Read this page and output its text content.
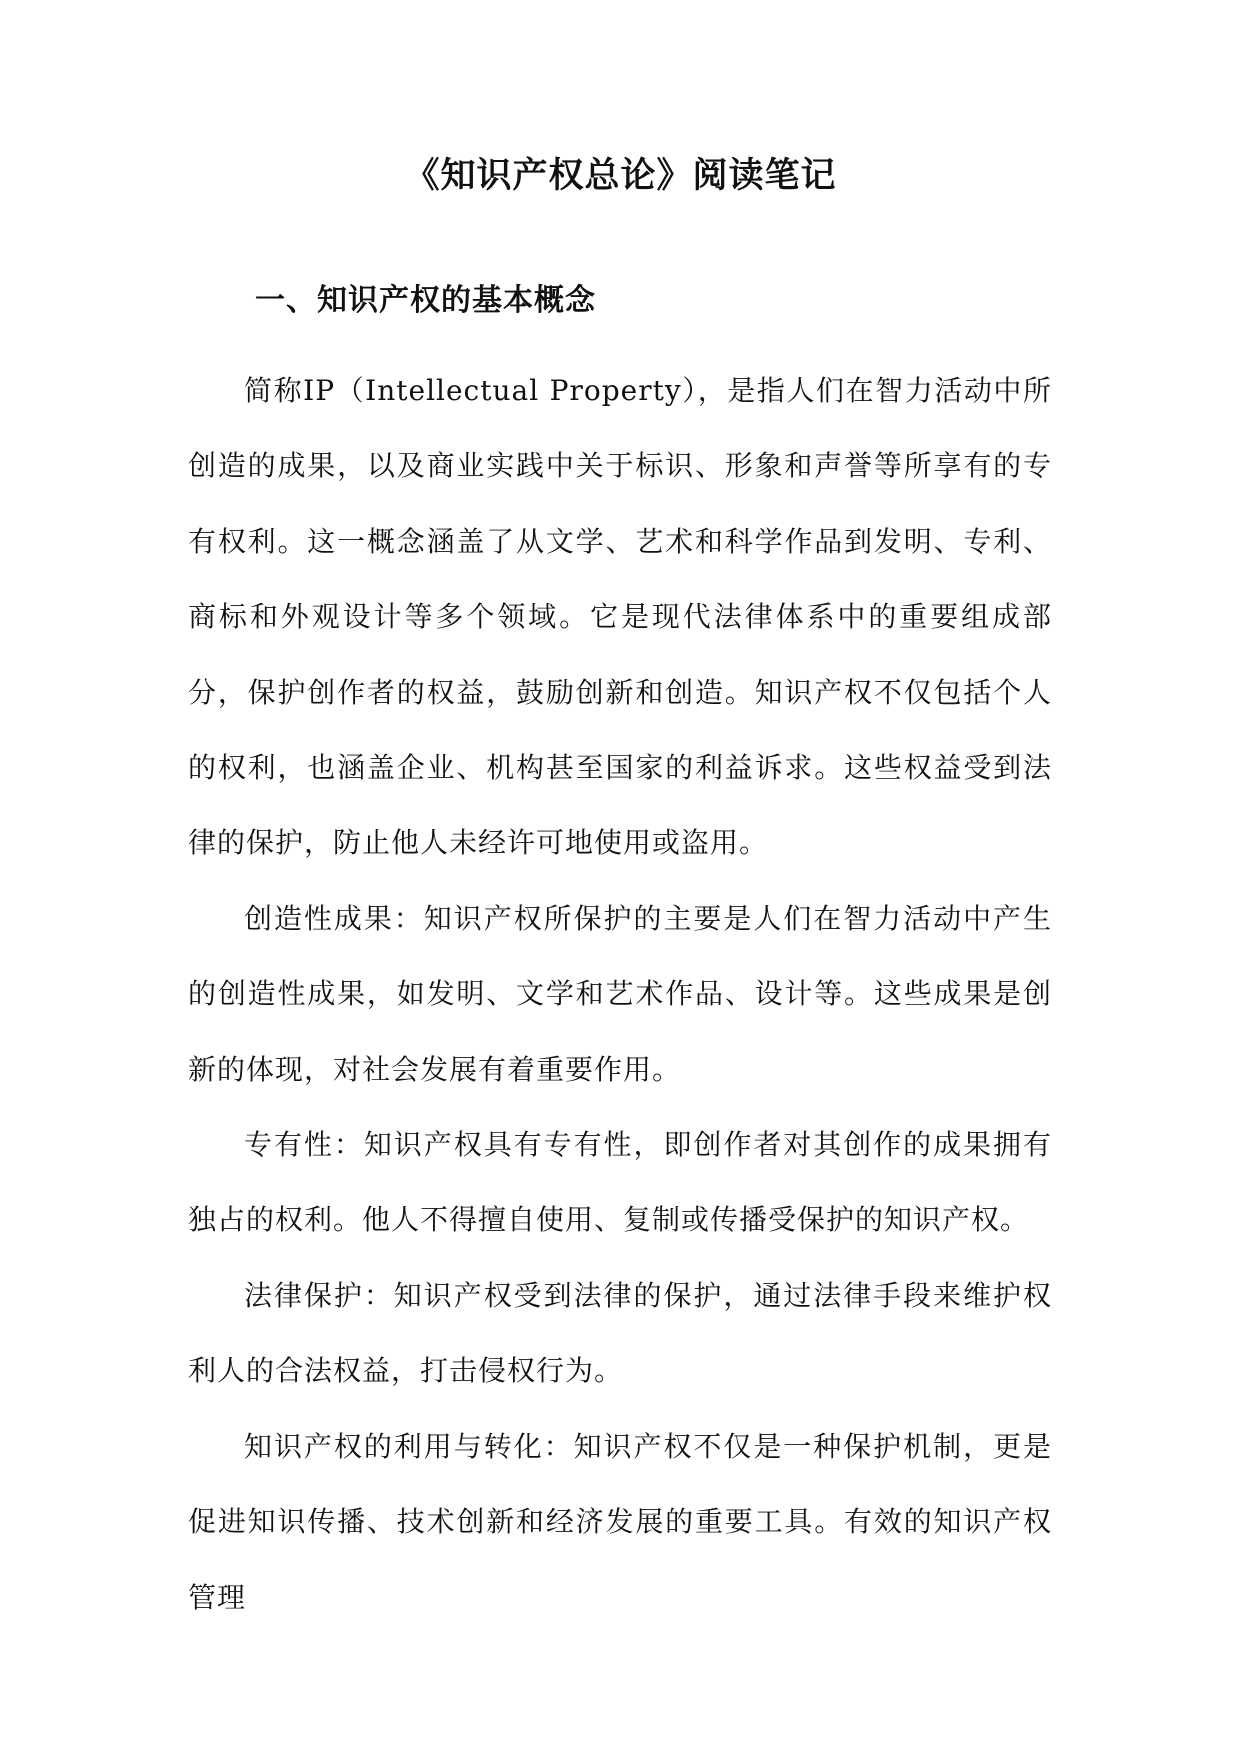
《知识产权总论》阅读笔记
一、知识产权的基本概念

简称IP（Intellectual Property），是指人们在智力活动中所创造的成果，以及商业实践中关于标识、形象和声誉等所享有的专有权利。这一概念涵盖了从文学、艺术和科学作品到发明、专利、商标和外观设计等多个领域。它是现代法律体系中的重要组成部分，保护创作者的权益，鼓励创新和创造。知识产权不仅包括个人的权利，也涵盖企业、机构甚至国家的利益诉求。这些权益受到法律的保护，防止他人未经许可地使用或盗用。

创造性成果：知识产权所保护的主要是人们在智力活动中产生的创造性成果，如发明、文学和艺术作品、设计等。这些成果是创新的体现，对社会发展有着重要作用。

专有性：知识产权具有专有性，即创作者对其创作的成果拥有独占的权利。他人不得擅自使用、复制或传播受保护的知识产权。

法律保护：知识产权受到法律的保护，通过法律手段来维护权利人的合法权益，打击侵权行为。

知识产权的利用与转化：知识产权不仅是一种保护机制，更是促进知识传播、技术创新和经济发展的重要工具。有效的知识产权管理
